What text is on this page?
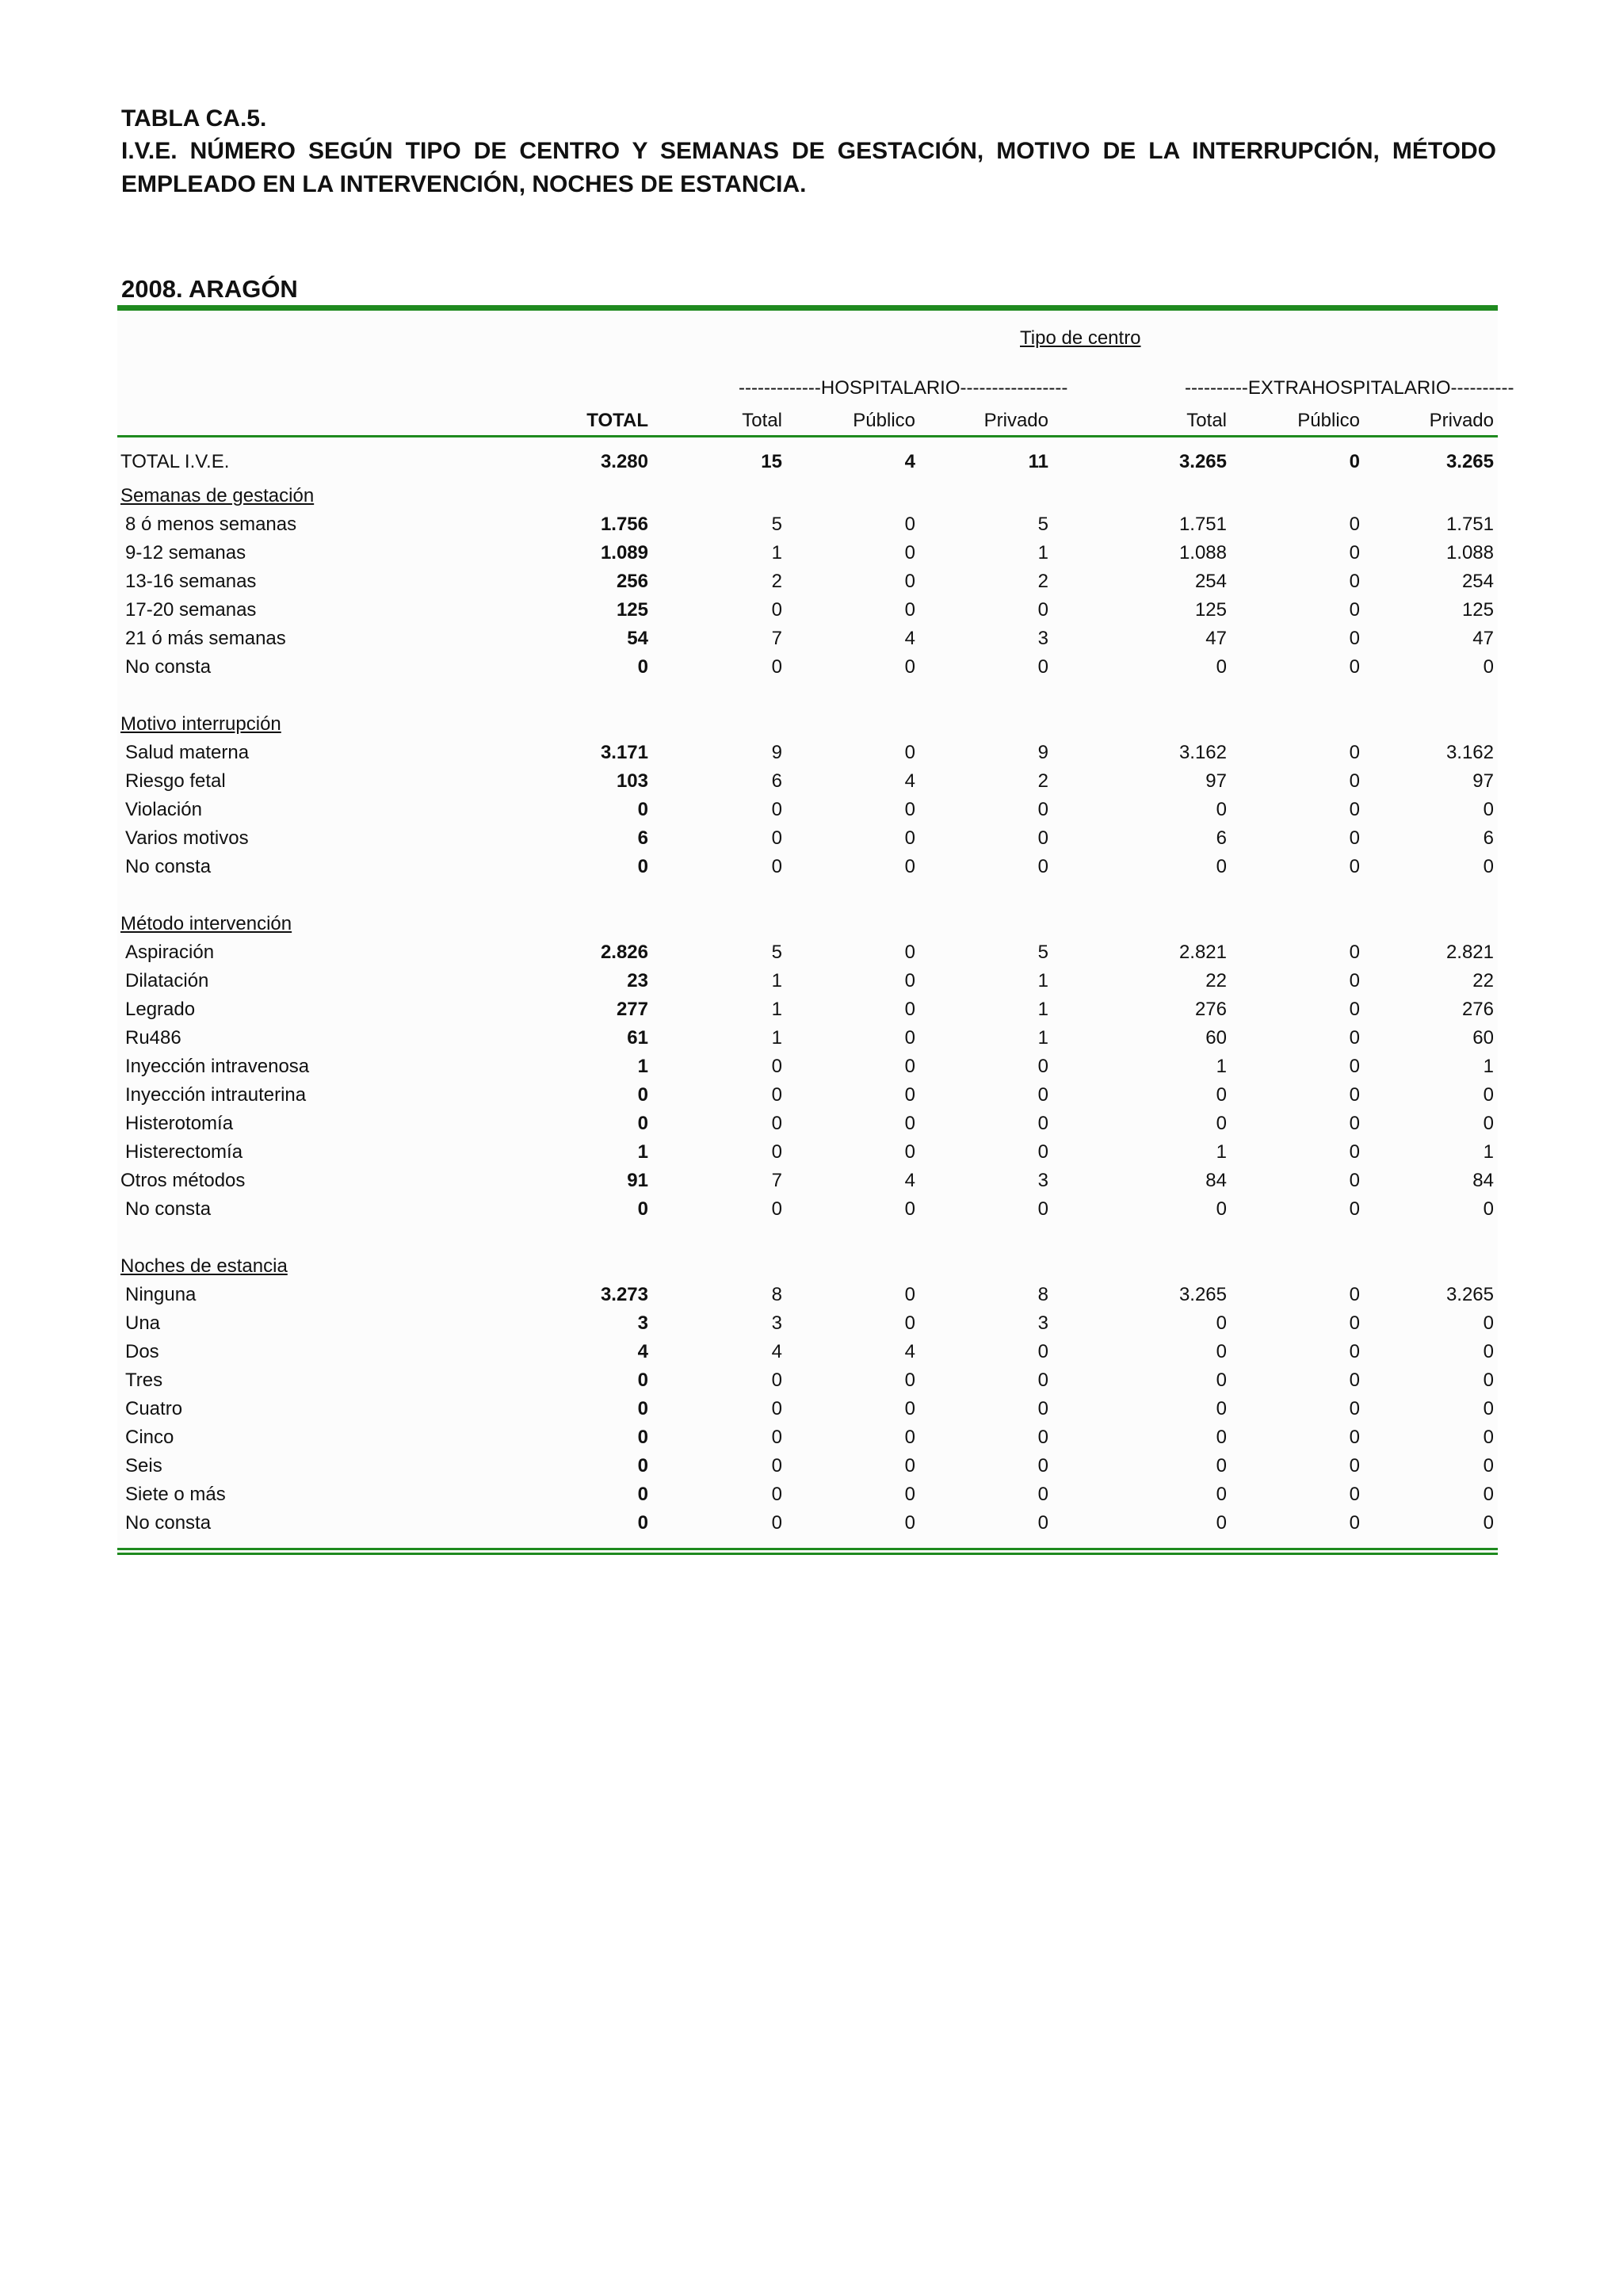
TABLA CA.5.
I.V.E. NÚMERO SEGÚN TIPO DE CENTRO Y SEMANAS DE GESTACIÓN, MOTIVO DE LA INTERRUPCIÓN, MÉTODO EMPLEADO EN LA INTERVENCIÓN, NOCHES DE ESTANCIA.
2008. ARAGÓN
Tipo de centro
-------------HOSPITALARIO-----------------	----------EXTRAHOSPITALARIO----------
TOTAL	Total	Público	Privado	Total	Público	Privado
TOTAL I.V.E.	3.280	15	4	11	3.265	0	3.265
Semanas de gestación
8 ó menos semanas	1.756	5	0	5	1.751	0	1.751
9-12 semanas	1.089	1	0	1	1.088	0	1.088
13-16 semanas	256	2	0	2	254	0	254
17-20 semanas	125	0	0	0	125	0	125
21 ó más semanas	54	7	4	3	47	0	47
No consta	0	0	0	0	0	0	0
Motivo interrupción
Salud materna	3.171	9	0	9	3.162	0	3.162
Riesgo fetal	103	6	4	2	97	0	97
Violación	0	0	0	0	0	0	0
Varios motivos	6	0	0	0	6	0	6
No consta	0	0	0	0	0	0	0
Método intervención
Aspiración	2.826	5	0	5	2.821	0	2.821
Dilatación	23	1	0	1	22	0	22
Legrado	277	1	0	1	276	0	276
Ru486	61	1	0	1	60	0	60
Inyección intravenosa	1	0	0	0	1	0	1
Inyección intrauterina	0	0	0	0	0	0	0
Histerotomía	0	0	0	0	0	0	0
Histerectomía	1	0	0	0	1	0	1
Otros métodos	91	7	4	3	84	0	84
No consta	0	0	0	0	0	0	0
Noches de estancia
Ninguna	3.273	8	0	8	3.265	0	3.265
Una	3	3	0	3	0	0	0
Dos	4	4	4	0	0	0	0
Tres	0	0	0	0	0	0	0
Cuatro	0	0	0	0	0	0	0
Cinco	0	0	0	0	0	0	0
Seis	0	0	0	0	0	0	0
Siete o más	0	0	0	0	0	0	0
No consta	0	0	0	0	0	0	0
